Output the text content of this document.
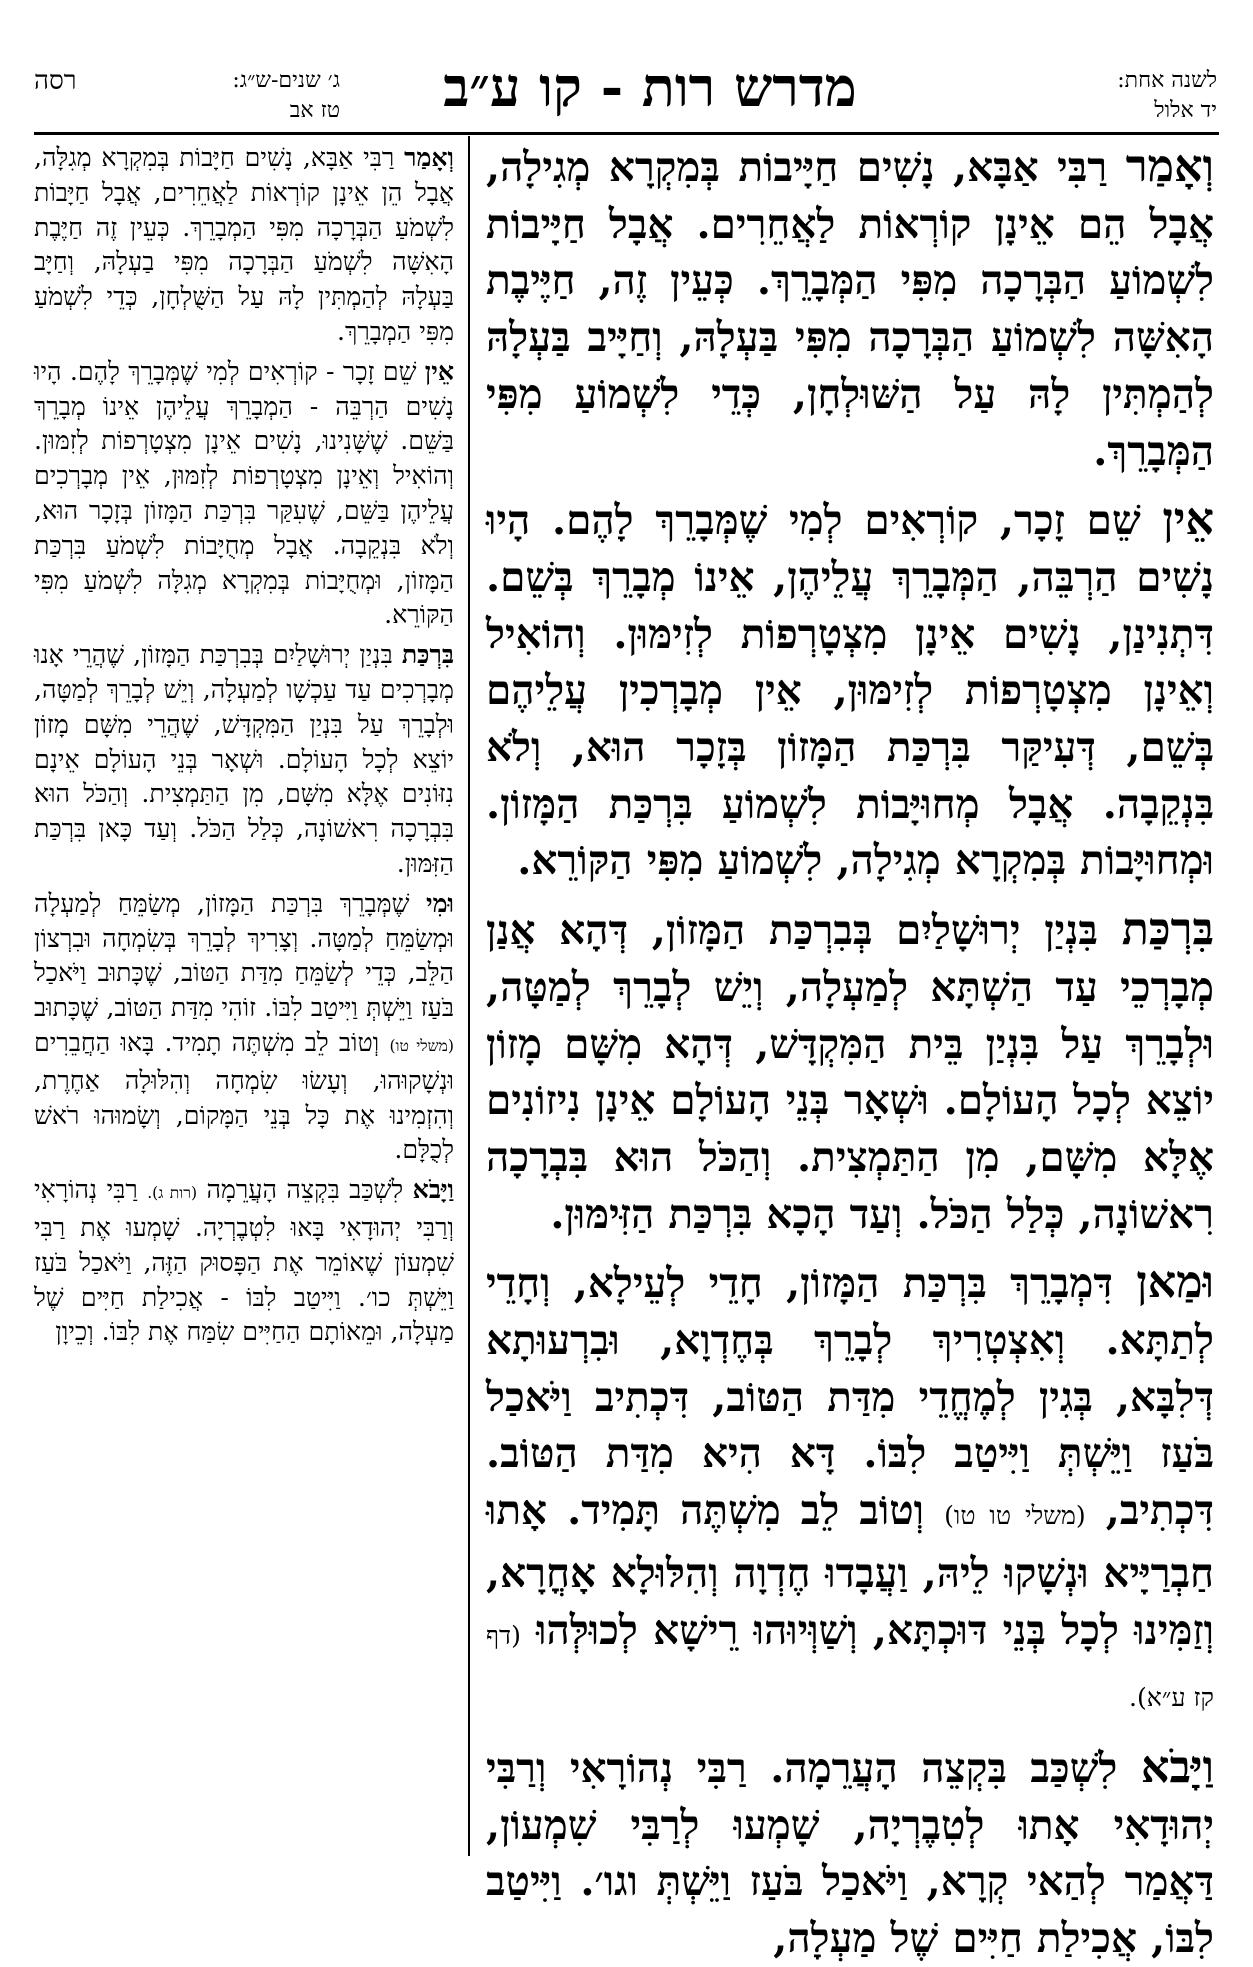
רסה	ג׳ שנים-ש״ג:
טז אב	מדרש רות - קו ע״ב	לשנה אחת:
יד אלול

וְאָמַר רַבִּי אַבָּא, נָשִׁים חַיָּיבוֹת בְּמִקְרָא מְגִילָה, אֲבָל הֵם אֵינָן קוֹרְאוֹת לַאֲחֵרִים. אֲבָל חַיָּיבוֹת לִשְׁמוֹעַ הַבְּרָכָה מִפִּי הַמְּבָרֵךְ. כְּעֵין זֶה, חַיֶּיבֶת הָאִשָּׁה לִשְׁמוֹעַ הַבְּרָכָה מִפִּי בַּעְלָהּ, וְחַיָּיב בַּעְלָהּ לְהַמְתִּין לָהּ עַל הַשּׁוּלְחָן, כְּדֵי לִשְׁמוֹעַ מִפִּי הַמְּבָרֵךְ.

אֵין שֵׁם זָכָר, קוֹרְאִים לְמִי שֶׁמְּבָרֵךְ לָהֶם. הָיוּ נָשִׁים הַרְבֵּה, הַמְּבָרֵךְ עֲלֵיהֶן, אֵינוֹ מְבָרֵךְ בְּשֵׁם. דִּתְנִינַן, נָשִׁים אֵינָן מִצְטָרְפוֹת לְזִימּוּן. וְהוֹאִיל וְאֵינָן מִצְטָרְפוֹת לְזִימּוּן, אֵין מְבָרְכִין עֲלֵיהֶם בְּשֵׁם, דְּעִיקַּר בִּרְכַּת הַמָּזוֹן בְּזָכָר הוּא, וְלֹא בִּנְקֵבָה. אֲבָל מְחוּיָּבוֹת לִשְׁמוֹעַ בִּרְכַּת הַמָּזוֹן. וּמְחוּיָּבוֹת בְּמִקְרָא מְגִילָה, לִשְׁמוֹעַ מִפִּי הַקּוֹרֵא.

בִּרְכַּת בִּנְיַן יְרוּשָׁלַיִם בְּבִרְכַּת הַמָּזוֹן, דְּהָא אֲנַן מְבָרְכֵי עַד הַשְׁתָּא לְמַעְלָה, וְיֵשׁ לְבָרֵךְ לְמַטָּה, וּלְבָרֵךְ עַל בִּנְיַן בֵּית הַמִּקְדָּשׁ, דְּהָא מִשָּׁם מָזוֹן יוֹצֵא לְכָל הָעוֹלָם. וּשְׁאָר בְּנֵי הָעוֹלָם אֵינָן נִיזוֹנִים אֶלָּא מִשָּׁם, מִן הַתַּמְצִית. וְהַכֹּל הוּא בִּבְרָכָה רִאשׁוֹנָה, כְּלַל הַכֹּל. וְעַד הָכָא בִּרְכַּת הַזִּימּוּן.

וּמַאן דִּמְבָרֵךְ בִּרְכַּת הַמָּזוֹן, חָדֵי לְעֵילָא, וְחָדֵי לְתַתָּא. וְאִצְטְרִיךְ לְבָרֵךְ בְּחֶדְוָא, וּבִרְעוּתָא דְּלִבָּא, בְּגִין לְמֶחֱדֵי מִדַּת הַטּוֹב, דִּכְתִיב וַיֹּאכַל בֹּעַז וַיֵּשְׁתְּ וַיִּיטַב לִבּוֹ. דָּא הִיא מִדַּת הַטּוֹב. דִּכְתִיב, (משלי טו טו) וְטוֹב לֵב מִשְׁתֶּה תָּמִיד. אָתוּ חַבְרַיָּיא וּנְשָׁקוּ לֵיהּ, וַעֲבָדוּ חֶדְוָה וְהִלּוּלָא אָחֳרָא, וְזַמִּינוּ לְכָל בְּנֵי דּוּכְתָּא, וְשַׁוְּיוּהוּ רֵישָׁא לְכוּלְּהוּ (דף קז ע״א).

וַיָּבֹא לִשְׁכַּב בִּקְצֵה הָעֲרֵמָה. רַבִּי נְהוֹרָאִי וְרַבִּי יְהוּדָאִי אָתוּ לְטִבֶרְיָה, שָׁמְעוּ לְרַבִּי שִׁמְעוֹן, דַּאֲמַר לְהַאי קְרָא, וַיֹּאכַל בֹּעַז וַיֵּשְׁתְּ וגו׳. וַיִּיטַב לִבּוֹ, אֲכִילַת חַיִּים שֶׁל מַעְלָה,

וְאָמַר רַבִּי אַבָּא, נָשִׁים חַיָּבוֹת בְּמִקְרָא מְגִלָּה, אֲבָל הֵן אֵינָן קוֹרְאוֹת לַאֲחֵרִים, אֲבָל חַיָּבוֹת לִשְׁמֹעַ הַבְּרָכָה מִפִּי הַמְבָרֵךְ. כְּעֵין זֶה חַיֶּבֶת הָאִשָּׁה לִשְׁמֹעַ הַבְּרָכָה מִפִּי בַעְלָהּ, וְחַיָּב בַּעְלָהּ לְהַמְתִּין לָהּ עַל הַשֻּׁלְחָן, כְּדֵי לִשְׁמֹעַ מִפִּי הַמְבָרֵךְ.

אֵין שֵׁם זָכָר - קוֹרְאִים לְמִי שֶׁמְּבָרֵךְ לָהֶם. הָיוּ נָשִׁים הַרְבֵּה - הַמְבָרֵךְ עֲלֵיהֶן אֵינוֹ מְבָרֵךְ בַּשֵּׁם. שֶׁשָּׁנִינוּ, נָשִׁים אֵינָן מִצְטָרְפוֹת לְזִמּוּן. וְהוֹאִיל וְאֵינָן מִצְטָרְפוֹת לְזִמּוּן, אֵין מְבָרְכִים עֲלֵיהֶן בַּשֵּׁם, שֶׁעִקַּר בִּרְכַּת הַמָּזוֹן בְּזָכָר הוּא, וְלֹא בִּנְקֵבָה. אֲבָל מְחֻיָּבוֹת לִשְׁמֹעַ בִּרְכַּת הַמָּזוֹן, וּמְחֻיָּבוֹת בְּמִקְרָא מְגִלָּה לִשְׁמֹעַ מִפִּי הַקּוֹרֵא.

בִּרְכַּת בִּנְיַן יְרוּשָׁלַיִם בְּבִרְכַּת הַמָּזוֹן, שֶׁהֲרֵי אָנוּ מְבָרְכִים עַד עַכְשָׁו לְמַעְלָה, וְיֵשׁ לְבָרֵךְ לְמַטָּה, וּלְבָרֵךְ עַל בִּנְיַן הַמִּקְדָּשׁ, שֶׁהֲרֵי מִשָּׁם מָזוֹן יוֹצֵא לְכָל הָעוֹלָם. וּשְׁאָר בְּנֵי הָעוֹלָם אֵינָם נִזּוֹנִים אֶלָּא מִשָּׁם, מִן הַתַּמְצִית. וְהַכֹּל הוּא בִּבְרָכָה רִאשׁוֹנָה, כְּלַל הַכֹּל. וְעַד כָּאן בִּרְכַּת הַזִּמּוּן.

וּמִי שֶׁמְּבָרֵךְ בִּרְכַּת הַמָּזוֹן, מְשַׂמֵּחַ לְמַעְלָה וּמְשַׂמֵּחַ לְמַטָּה. וְצָרִיךְ לְבָרֵךְ בְּשִׂמְחָה וּבִרְצוֹן הַלֵּב, כְּדֵי לְשַׂמֵּחַ מִדַּת הַטּוֹב, שֶׁכָּתוּב וַיֹּאכַל בֹּעַז וַיֵּשְׁתְּ וַיִּיטַב לִבּוֹ. זוֹהִי מִדַּת הַטּוֹב, שֶׁכָּתוּב (משלי טו) וְטוֹב לֵב מִשְׁתֶּה תָמִיד. בָּאוּ הַחֲבֵרִים וּנְשָׁקוּהוּ, וְעָשׂוּ שִׂמְחָה וְהִלּוּלָה אַחֶרֶת, וְהִזְמִינוּ אֶת כָּל בְּנֵי הַמָּקוֹם, וְשָׂמוּהוּ רֹאשׁ לְכֻלָּם.

וַיָּבֹא לִשְׁכַּב בִּקְצֵה הָעֲרֵמָה (רות ג). רַבִּי נְהוֹרָאִי וְרַבִּי יְהוּדָאִי בָּאוּ לִטְבֶרְיָה. שָׁמְעוּ אֶת רַבִּי שִׁמְעוֹן שֶׁאוֹמֵר אֶת הַפָּסוּק הַזֶּה, וַיֹּאכַל בֹּעַז וַיֵּשְׁתְּ כו׳. וַיִּיטַב לִבּוֹ - אֲכִילַת חַיִּים שֶׁל מַעְלָה, וּמֵאוֹתָם הַחַיִּים שִׂמַּח אֶת לִבּוֹ. וְכֵיוָן
